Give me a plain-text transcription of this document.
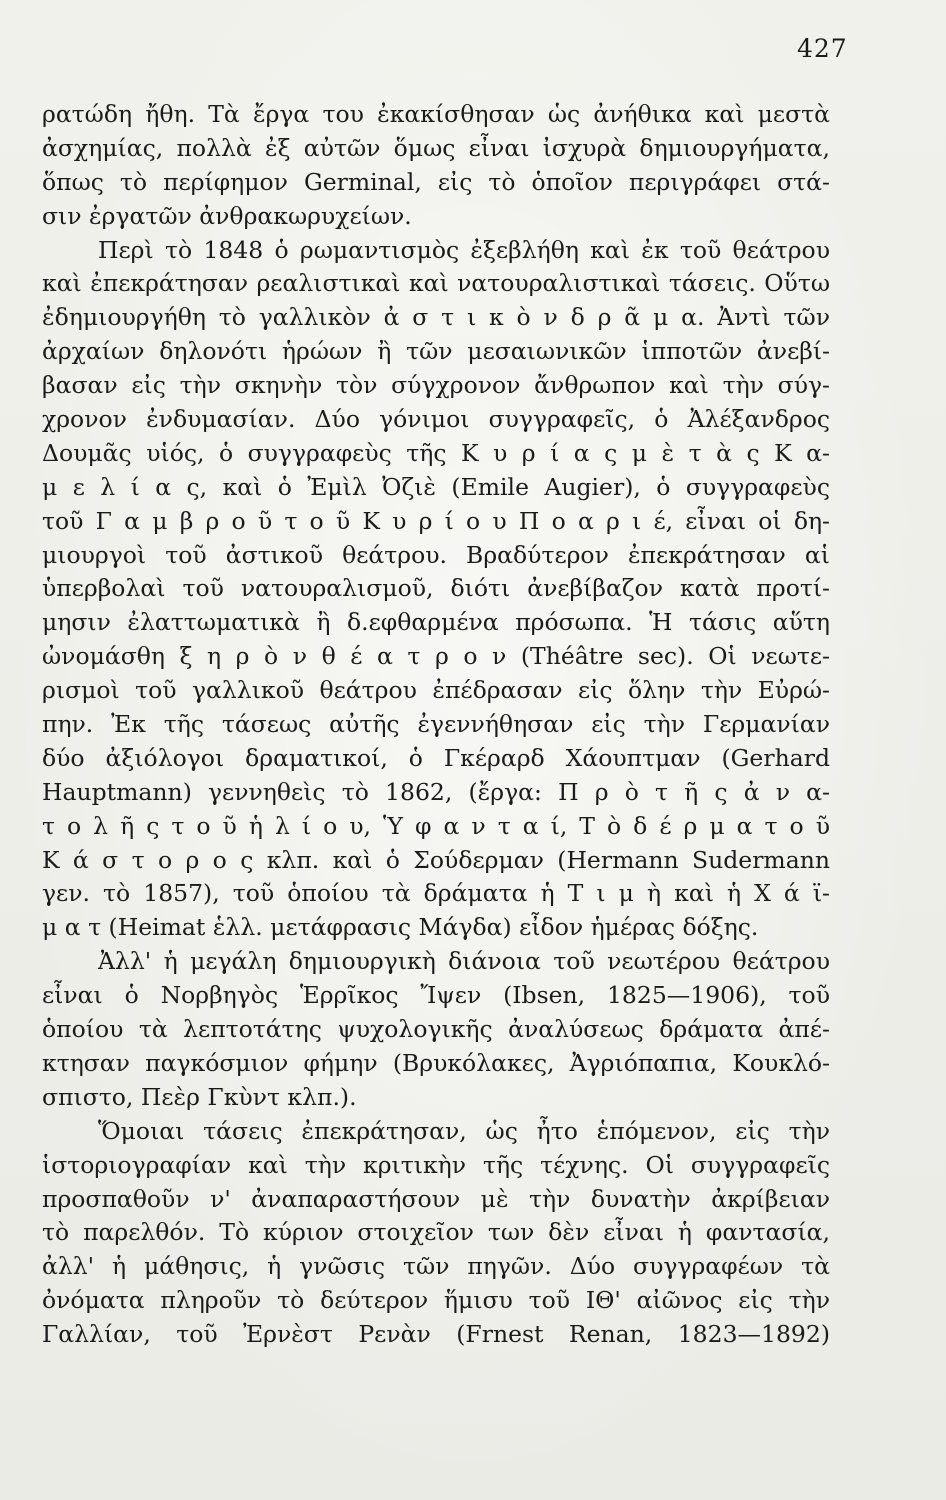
427
ρατώδη ἤθη. Τὰ ἔργα του ἐκακίσθησαν ὡς ἀνήθικα καὶ μεστὰ
ἀσχημίας, πολλὰ ἐξ αὐτῶν ὅμως εἶναι ἰσχυρὰ δημιουργήματα,
ὅπως τὸ περίφημον Germinal, εἰς τὸ ὁποῖον περιγράφει στά-
σιν ἐργατῶν ἀνθρακωρυχείων.
Περὶ τὸ 1848 ὁ ρωμαντισμὸς ἐξεβλήθη καὶ ἐκ τοῦ θεάτρου
καὶ ἐπεκράτησαν ρεαλιστικαὶ καὶ νατουραλιστικαὶ τάσεις. Οὕτω
ἐδημιουργήθη τὸ γαλλικὸν ἀ σ τ ι κ ὸ ν δ ρ ᾶ μ α. Ἀντὶ τῶν
ἀρχαίων δηλονότι ἡρώων ἢ τῶν μεσαιωνικῶν ἱπποτῶν ἀνεβί-
βασαν εἰς τὴν σκηνὴν τὸν σύγχρονον ἄνθρωπον καὶ τὴν σύγ-
χρονον ἐνδυμασίαν. Δύο γόνιμοι συγγραφεῖς, ὁ Ἀλέξανδρος
Δουμᾶς υἱός, ὁ συγγραφεὺς τῆς Κ υ ρ ί α ς μ ὲ τ ὰ ς Κ α-
μ ε λ ί α ς, καὶ ὁ Ἐμὶλ Ὀζιὲ (Emile Augier), ὁ συγγραφεὺς
τοῦ Γ α μ β ρ ο ῦ τ ο ῦ Κ υ ρ ί ο υ Π ο α ρ ι έ, εἶναι οἱ δη-
μιουργοὶ τοῦ ἀστικοῦ θεάτρου. Βραδύτερον ἐπεκράτησαν αἱ
ὑπερβολαὶ τοῦ νατουραλισμοῦ, διότι ἀνεβίβαζον κατὰ προτί-
μησιν ἐλαττωματικὰ ἢ δ.εφθαρμένα πρόσωπα. Ἡ τάσις αὕτη
ὠνομάσθη ξ η ρ ὸ ν θ έ α τ ρ ο ν (Théâtre sec). Οἱ νεωτε-
ρισμοὶ τοῦ γαλλικοῦ θεάτρου ἐπέδρασαν εἰς ὅλην τὴν Εὐρώ-
πην. Ἐκ τῆς τάσεως αὐτῆς ἐγεννήθησαν εἰς τὴν Γερμανίαν
δύο ἀξιόλογοι δραματικοί, ὁ Γκέραρδ Χάουπτμαν (Gerhard
Hauptmann) γεννηθεὶς τὸ 1862, (ἔργα: Π ρ ὸ τ ῆ ς ἀ ν α-
τ ο λ ῆ ς τ ο ῦ ἡ λ ί ο υ, Ὑ φ α ν τ α ί, Τ ὸ δ έ ρ μ α τ ο ῦ
Κ ά σ τ ο ρ ο ς κλπ. καὶ ὁ Σούδερμαν (Hermann Sudermann
γεν. τὸ 1857), τοῦ ὁποίου τὰ δράματα ἡ Τ ι μ ὴ καὶ ἡ Χ ά ϊ-
μ α τ (Heimat ἑλλ. μετάφρασις Μάγδα) εἶδον ἡμέρας δόξης.
Ἀλλ' ἡ μεγάλη δημιουργικὴ διάνοια τοῦ νεωτέρου θεάτρου
εἶναι ὁ Νορβηγὸς Ἑρρῖκος Ἴψεν (Ibsen, 1825—1906), τοῦ
ὁποίου τὰ λεπτοτάτης ψυχολογικῆς ἀναλύσεως δράματα ἀπέ-
κτησαν παγκόσμιον φήμην (Βρυκόλακες, Ἀγριόπαπια, Κουκλό-
σπιστο, Πεὲρ Γκὺντ κλπ.).
Ὅμοιαι τάσεις ἐπεκράτησαν, ὡς ἦτο ἑπόμενον, εἰς τὴν
ἱστοριογραφίαν καὶ τὴν κριτικὴν τῆς τέχνης. Οἱ συγγραφεῖς
προσπαθοῦν ν' ἀναπαραστήσουν μὲ τὴν δυνατὴν ἀκρίβειαν
τὸ παρελθόν. Τὸ κύριον στοιχεῖον των δὲν εἶναι ἡ φαντασία,
ἀλλ' ἡ μάθησις, ἡ γνῶσις τῶν πηγῶν. Δύο συγγραφέων τὰ
ὀνόματα πληροῦν τὸ δεύτερον ἥμισυ τοῦ ΙΘ' αἰῶνος εἰς τὴν
Γαλλίαν, τοῦ Ἐρνὲστ Ρενὰν (Frnest Renan, 1823—1892)
